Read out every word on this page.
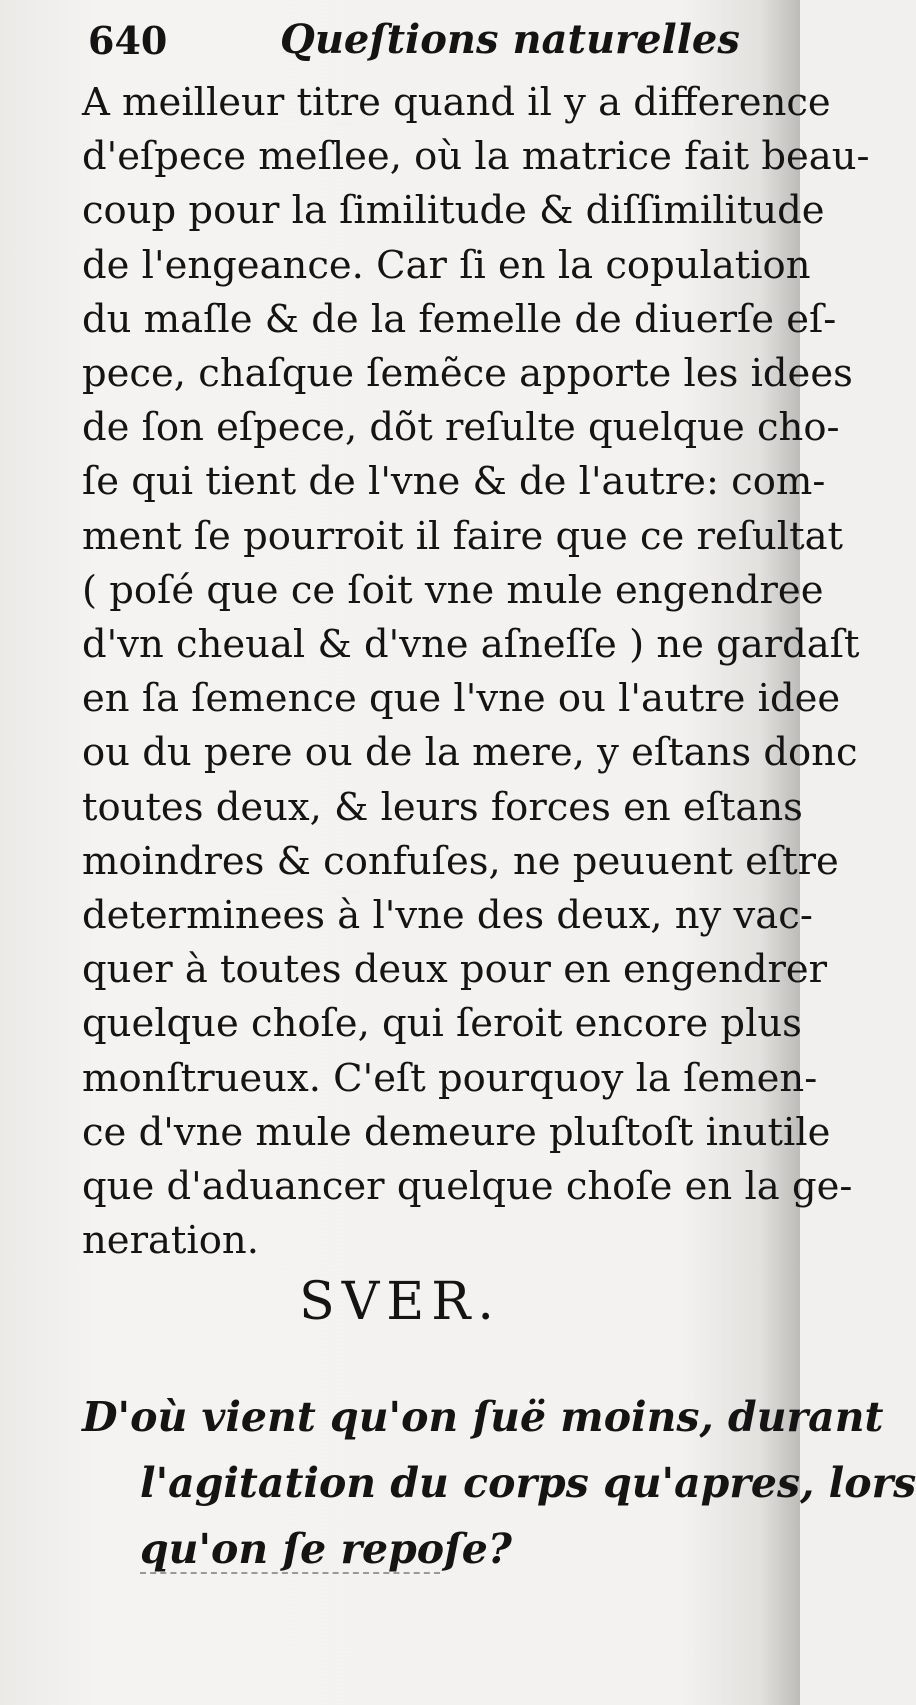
640	Queſtions naturelles
A meilleur titre quand il y a difference
d'eſpece meſlee, où la matrice fait beau-
coup pour la ſimilitude & diſſimilitude
de l'engeance. Car ſi en la copulation
du maſle & de la femelle de diuerſe eſ-
pece, chaſque ſemẽce apporte les idees
de ſon eſpece, dõt reſulte quelque cho-
ſe qui tient de l'vne & de l'autre: com-
ment ſe pourroit il faire que ce reſultat
( poſé que ce ſoit vne mule engendree
d'vn cheual & d'vne aſneſſe ) ne gardaſt
en ſa ſemence que l'vne ou l'autre idee
ou du pere ou de la mere, y eſtans donc
toutes deux, & leurs forces en eſtans
moindres & confuſes, ne peuuent eſtre
determinees à l'vne des deux, ny vac-
quer à toutes deux pour en engendrer
quelque choſe, qui ſeroit encore plus
monſtrueux. C'eſt pourquoy la ſemen-
ce d'vne mule demeure pluſtoſt inutile
que d'aduancer quelque choſe en la ge-
neration.
SVER.
D'où vient qu'on ſuë moins, durant
l'agitation du corps qu'apres, lors
qu'on ſe repoſe?
